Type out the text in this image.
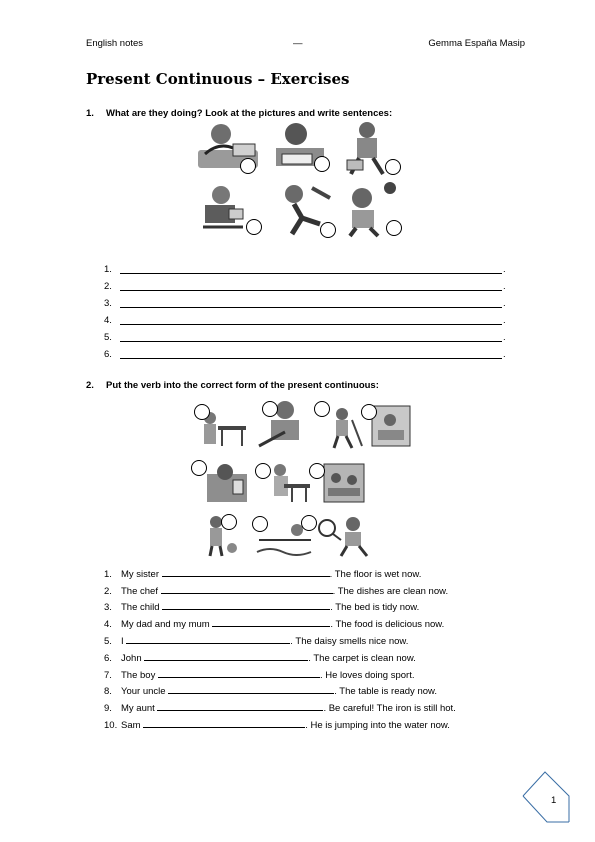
English notes	—	Gemma España Masip
Present Continuous – Exercises
1. What are they doing? Look at the pictures and write sentences:
1.	.
2.	.
3.	.
4.	.
5.	.
6.	.
2. Put the verb into the correct form of the present continuous:
1. My sister	. The floor is wet now.
2. The chef	. The dishes are clean now.
3. The child	. The bed is tidy now.
4. My dad and my mum	. The food is delicious now.
5. I	. The daisy smells nice now.
6. John	. The carpet is clean now.
7. The boy	. He loves doing sport.
8. Your uncle	. The table is ready now.
9. My aunt	. Be careful! The iron is still hot.
10. Sam	. He is jumping into the water now.
1
